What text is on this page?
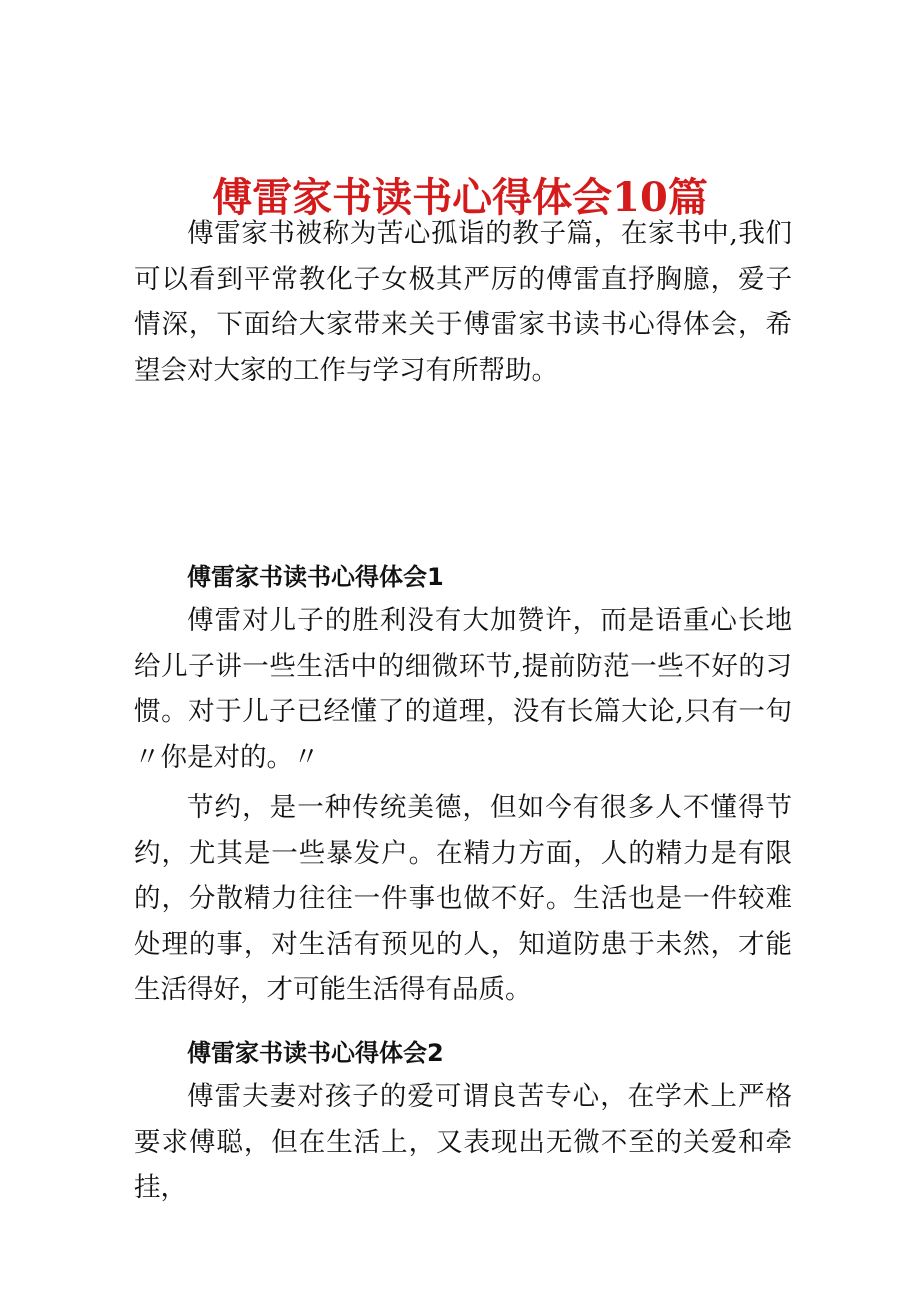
傅雷家书读书心得体会10篇

傅雷家书被称为苦心孤诣的教子篇，在家书中,我们可以看到平常教化子女极其严厉的傅雷直抒胸臆，爱子情深，下面给大家带来关于傅雷家书读书心得体会，希望会对大家的工作与学习有所帮助。

傅雷家书读书心得体会1

傅雷对儿子的胜利没有大加赞许，而是语重心长地给儿子讲一些生活中的细微环节,提前防范一些不好的习惯。对于儿子已经懂了的道理，没有长篇大论,只有一句〃你是对的。〃

节约，是一种传统美德，但如今有很多人不懂得节约，尤其是一些暴发户。在精力方面，人的精力是有限的，分散精力往往一件事也做不好。生活也是一件较难处理的事，对生活有预见的人，知道防患于未然，才能生活得好，才可能生活得有品质。

傅雷家书读书心得体会2

傅雷夫妻对孩子的爱可谓良苦专心，在学术上严格要求傅聪，但在生活上，又表现出无微不至的关爱和牵挂，
